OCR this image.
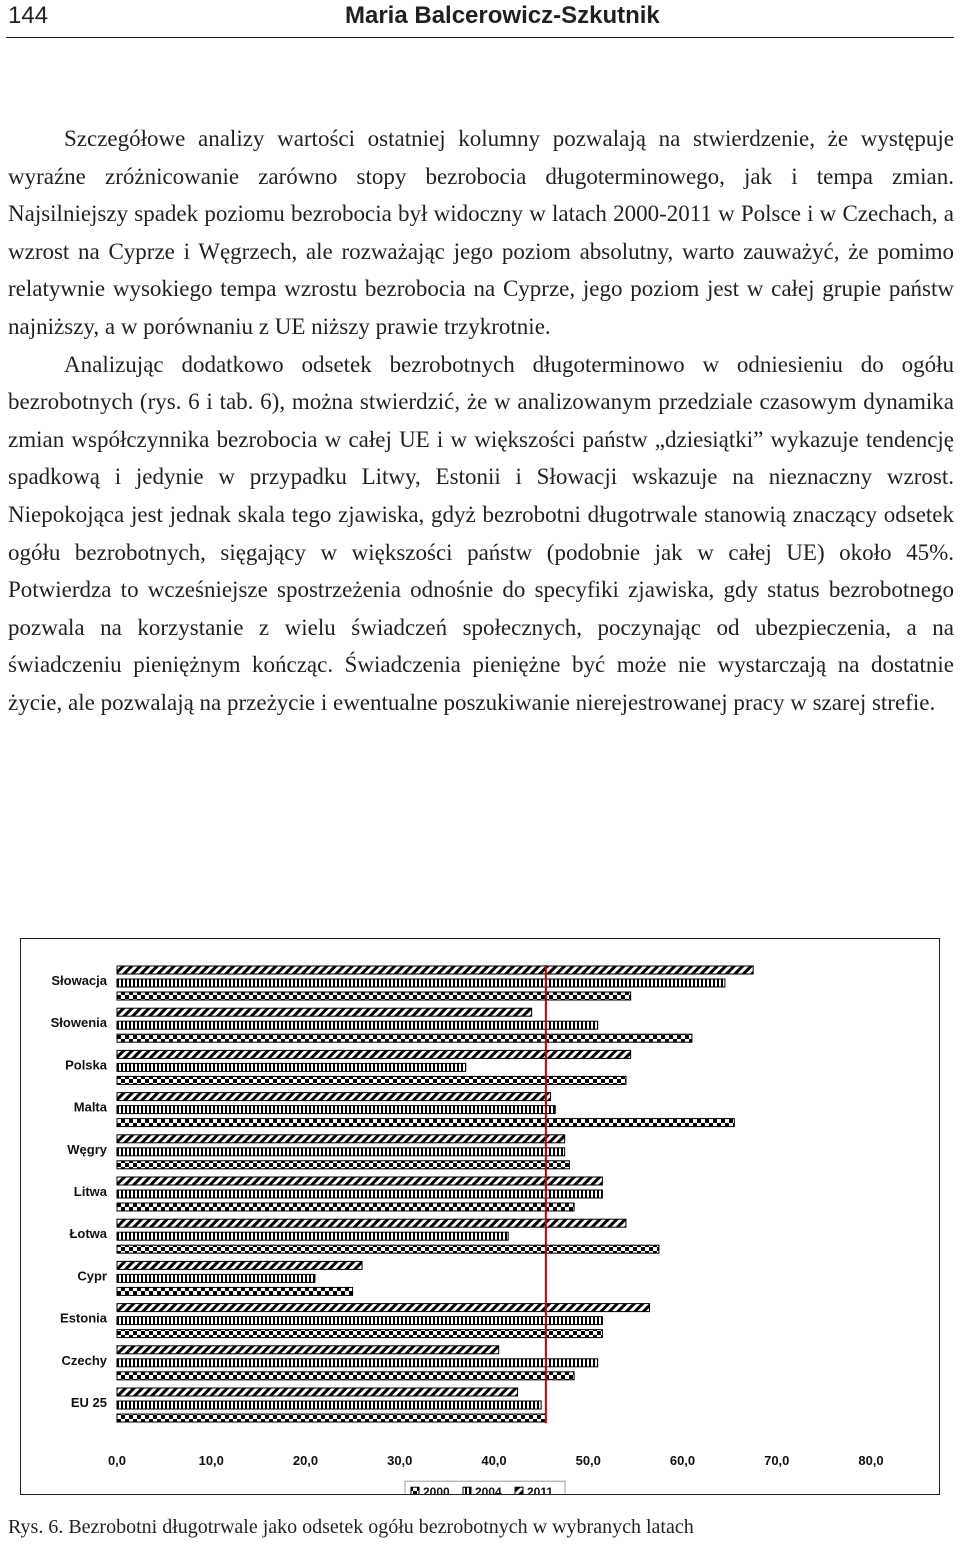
144	Maria Balcerowicz-Szkutnik

Szczegółowe analizy wartości ostatniej kolumny pozwalają na stwierdzenie, że występuje wyraźne zróżnicowanie zarówno stopy bezrobocia długoterminowego, jak i tempa zmian. Najsilniejszy spadek poziomu bezrobocia był widoczny w latach 2000-2011 w Polsce i w Czechach, a wzrost na Cyprze i Węgrzech, ale rozważając jego poziom absolutny, warto zauważyć, że pomimo relatywnie wysokiego tempa wzrostu bezrobocia na Cyprze, jego poziom jest w całej grupie państw najniższy, a w porównaniu z UE niższy prawie trzykrotnie.

Analizując dodatkowo odsetek bezrobotnych długoterminowo w odniesieniu do ogółu bezrobotnych (rys. 6 i tab. 6), można stwierdzić, że w analizowanym przedziale czasowym dynamika zmian współczynnika bezrobocia w całej UE i w większości państw „dziesiątki” wykazuje tendencję spadkową i jedynie w przypadku Litwy, Estonii i Słowacji wskazuje na nieznaczny wzrost. Niepokojąca jest jednak skala tego zjawiska, gdyż bezrobotni długotrwale stanowią znaczący odsetek ogółu bezrobotnych, sięgający w większości państw (podobnie jak w całej UE) około 45%. Potwierdza to wcześniejsze spostrzeżenia odnośnie do specyfiki zjawiska, gdy status bezrobotnego pozwala na korzystanie z wielu świadczeń społecznych, poczynając od ubezpieczenia, a na świadczeniu pieniężnym kończąc. Świadczenia pieniężne być może nie wystarczają na dostatnie życie, ale pozwalają na przeżycie i ewentualne poszukiwanie nierejestrowanej pracy w szarej strefie.

Słowacja
Słowenia
Polska
Malta
Węgry
Litwa
Łotwa
Cypr
Estonia
Czechy
EU 25
0,0	10,0	20,0	30,0	40,0	50,0	60,0	70,0	80,0
2000 2004 2011
Rys. 6. Bezrobotni długotrwale jako odsetek ogółu bezrobotnych w wybranych latach
